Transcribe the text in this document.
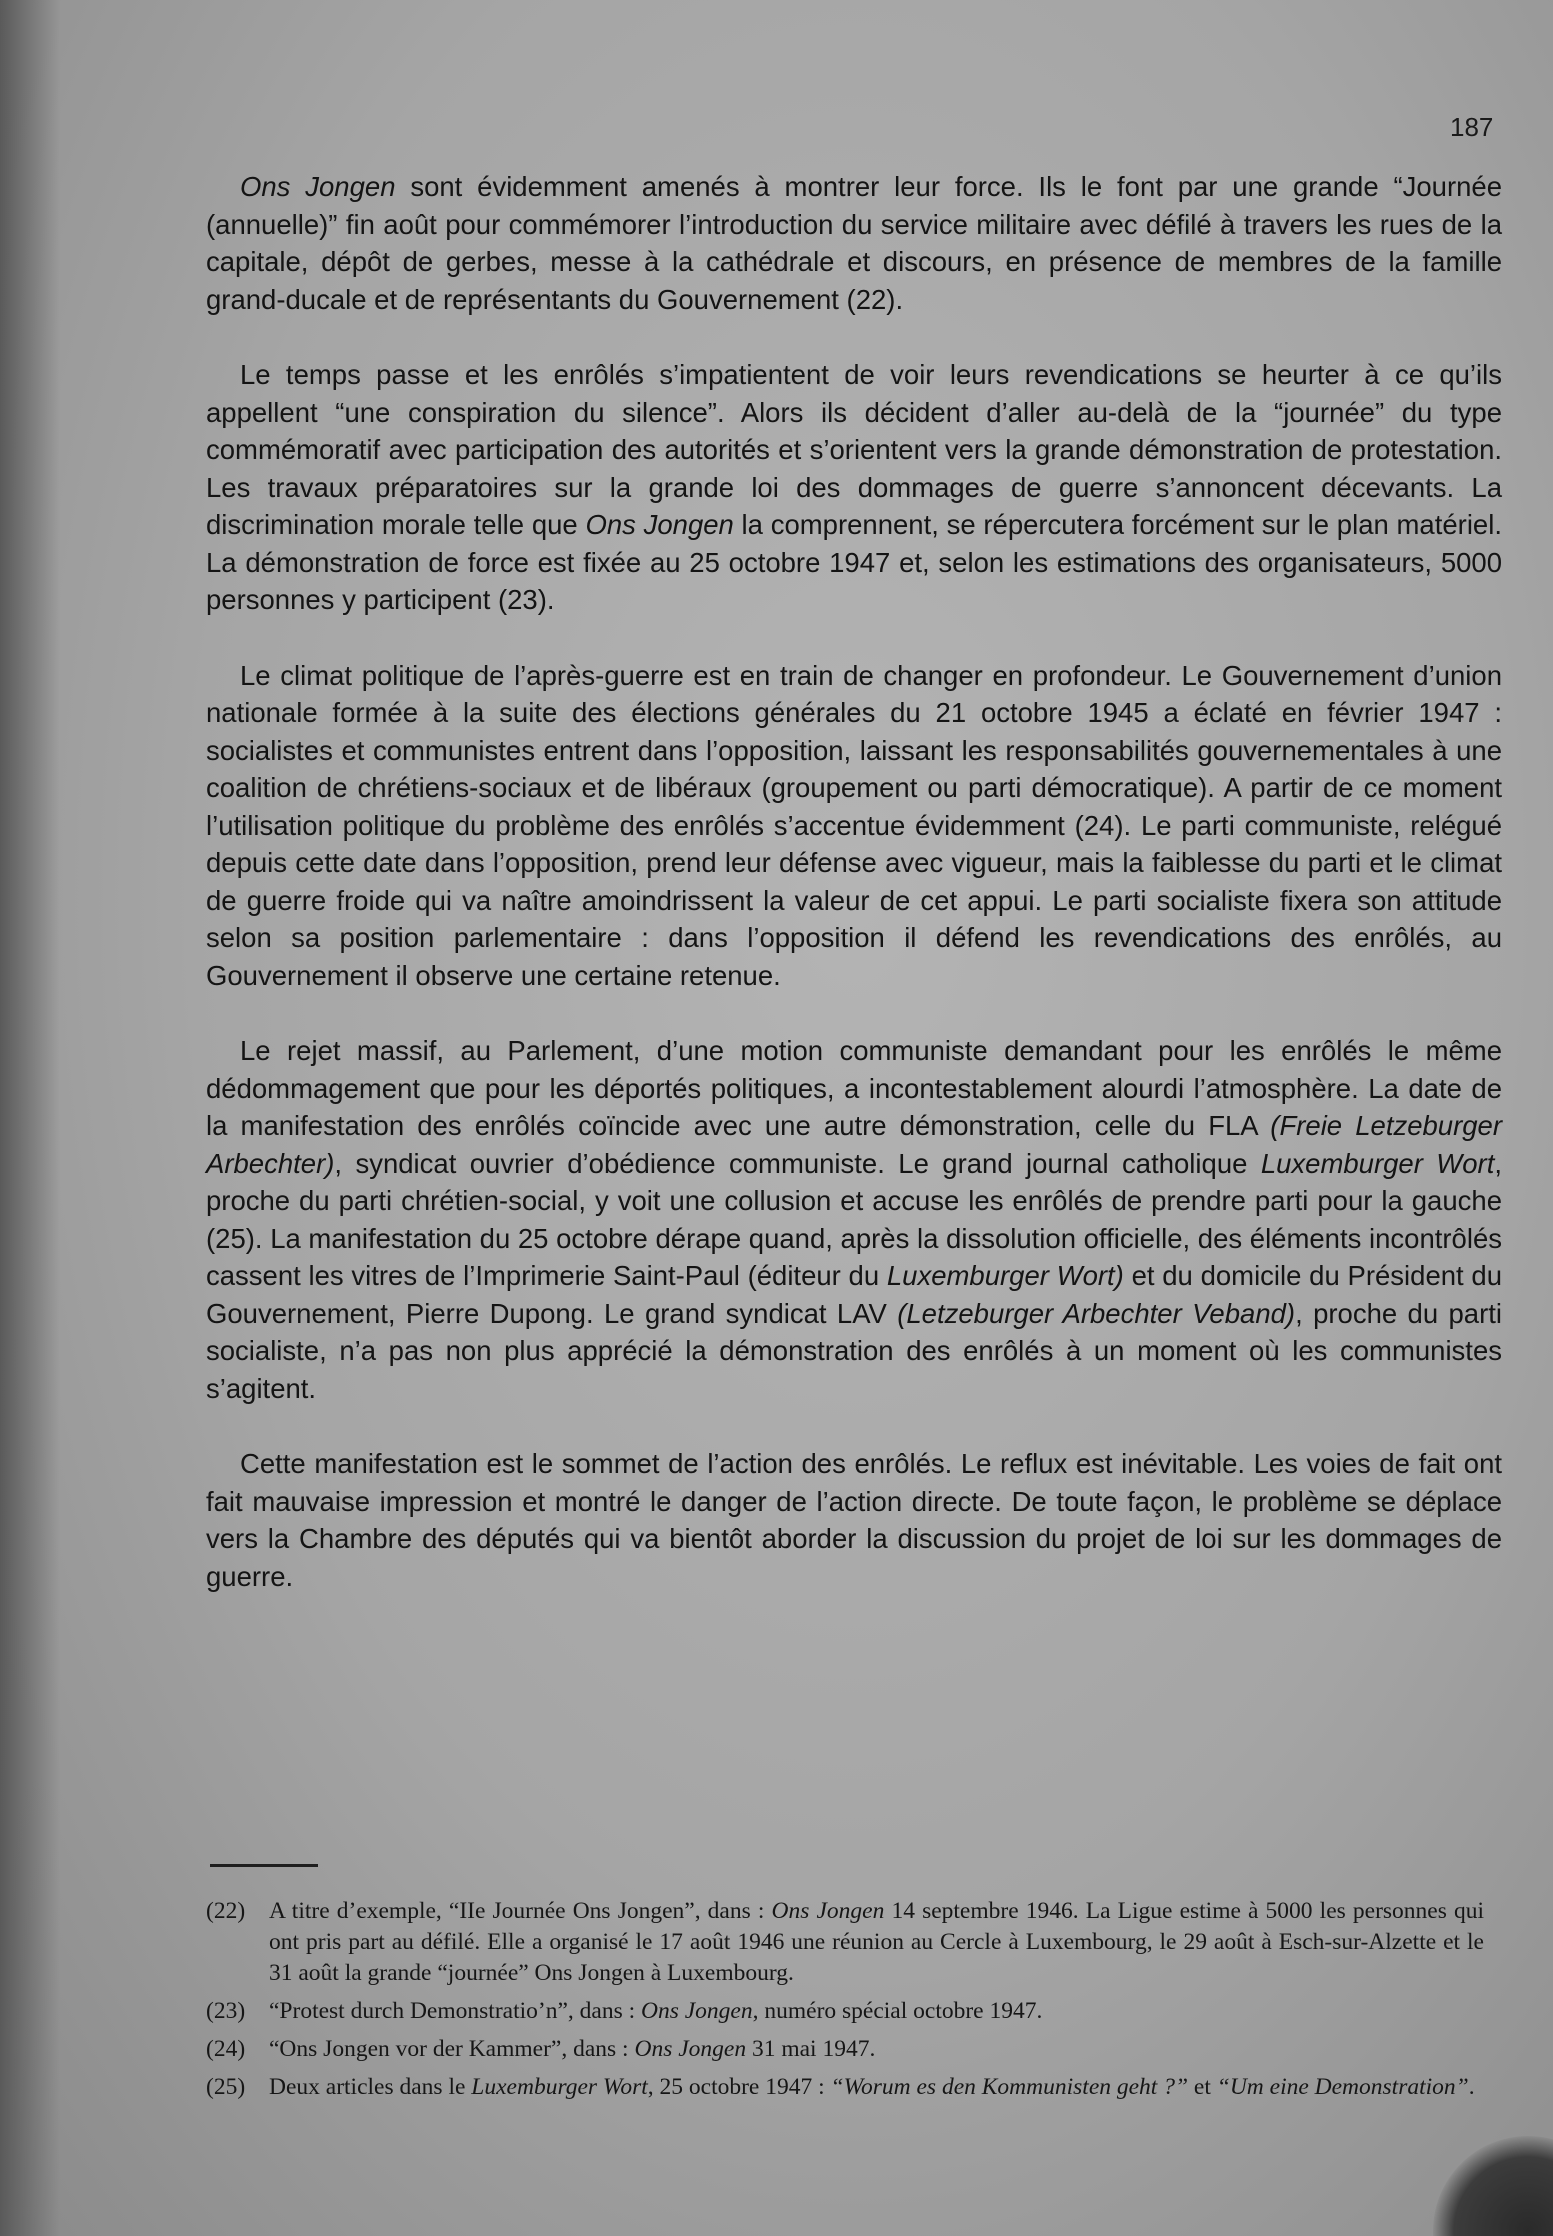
187

Ons Jongen sont évidemment amenés à montrer leur force. Ils le font par une grande “Journée (annuelle)” fin août pour commémorer l’introduction du service militaire avec défilé à travers les rues de la capitale, dépôt de gerbes, messe à la cathédrale et discours, en présence de membres de la famille grand-ducale et de représentants du Gouvernement (22).

Le temps passe et les enrôlés s’impatientent de voir leurs revendications se heurter à ce qu’ils appellent “une conspiration du silence”. Alors ils décident d’aller au-delà de la “journée” du type commémoratif avec participation des autorités et s’orientent vers la grande démonstration de protestation. Les travaux préparatoires sur la grande loi des dommages de guerre s’annoncent décevants. La discrimination morale telle que Ons Jongen la comprennent, se répercutera forcément sur le plan matériel. La démonstration de force est fixée au 25 octobre 1947 et, selon les estimations des organisateurs, 5000 personnes y participent (23).

Le climat politique de l’après-guerre est en train de changer en profondeur. Le Gouvernement d’union nationale formée à la suite des élections générales du 21 octobre 1945 a éclaté en février 1947 : socialistes et communistes entrent dans l’opposition, laissant les responsabilités gouvernementales à une coalition de chrétiens-sociaux et de libéraux (groupement ou parti démocratique). A partir de ce moment l’utilisation politique du problème des enrôlés s’accentue évidemment (24). Le parti communiste, relégué depuis cette date dans l’opposition, prend leur défense avec vigueur, mais la faiblesse du parti et le climat de guerre froide qui va naître amoindrissent la valeur de cet appui. Le parti socialiste fixera son attitude selon sa position parlementaire : dans l’opposition il défend les revendications des enrôlés, au Gouvernement il observe une certaine retenue.

Le rejet massif, au Parlement, d’une motion communiste demandant pour les enrôlés le même dédommagement que pour les déportés politiques, a incontestablement alourdi l’atmosphère. La date de la manifestation des enrôlés coïncide avec une autre démonstration, celle du FLA (Freie Letzeburger Arbechter), syndicat ouvrier d’obédience communiste. Le grand journal catholique Luxemburger Wort, proche du parti chrétien-social, y voit une collusion et accuse les enrôlés de prendre parti pour la gauche (25). La manifestation du 25 octobre dérape quand, après la dissolution officielle, des éléments incontrôlés cassent les vitres de l’Imprimerie Saint-Paul (éditeur du Luxemburger Wort) et du domicile du Président du Gouvernement, Pierre Dupong. Le grand syndicat LAV (Letzeburger Arbechter Veband), proche du parti socialiste, n’a pas non plus apprécié la démonstration des enrôlés à un moment où les communistes s’agitent.

Cette manifestation est le sommet de l’action des enrôlés. Le reflux est inévitable. Les voies de fait ont fait mauvaise impression et montré le danger de l’action directe. De toute façon, le problème se déplace vers la Chambre des députés qui va bientôt aborder la discussion du projet de loi sur les dommages de guerre.

(22) A titre d’exemple, “IIe Journée Ons Jongen”, dans : Ons Jongen 14 septembre 1946. La Ligue estime à 5000 les personnes qui ont pris part au défilé. Elle a organisé le 17 août 1946 une réunion au Cercle à Luxembourg, le 29 août à Esch-sur-Alzette et le 31 août la grande “journée” Ons Jongen à Luxembourg.
(23) “Protest durch Demonstratio’n”, dans : Ons Jongen, numéro spécial octobre 1947.
(24) “Ons Jongen vor der Kammer”, dans : Ons Jongen 31 mai 1947.
(25) Deux articles dans le Luxemburger Wort, 25 octobre 1947 : “Worum es den Kommunisten geht ?” et “Um eine Demonstration”.
